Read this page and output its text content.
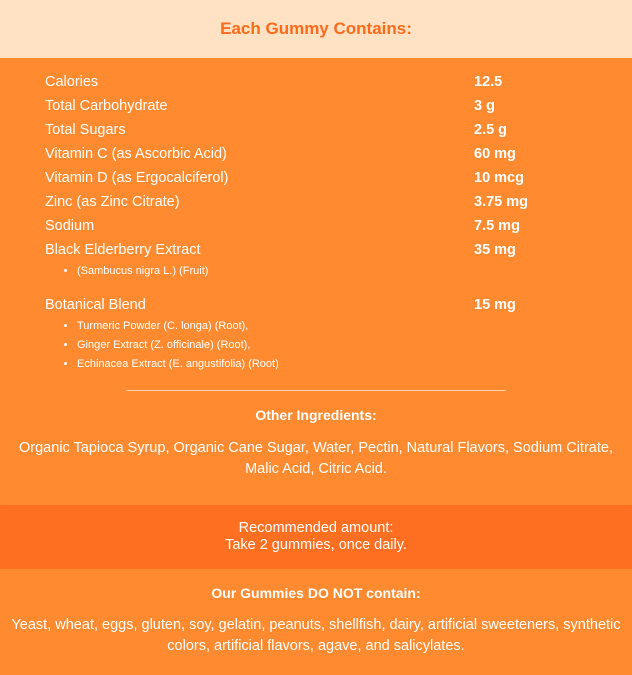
Each Gummy Contains:
Calories	12.5
Total Carbohydrate	3 g
Total Sugars	2.5 g
Vitamin C (as Ascorbic Acid)	60 mg
Vitamin D (as Ergocalciferol)	10 mcg
Zinc (as Zinc Citrate)	3.75 mg
Sodium	7.5 mg
Black Elderberry Extract	35 mg
• (Sambucus nigra L.) (Fruit)
Botanical Blend	15 mg
• Turmeric Powder (C. longa) (Root),
• Ginger Extract (Z. officinale) (Root),
• Echinacea Extract (E. angustifolia) (Root)
Other Ingredients:
Organic Tapioca Syrup, Organic Cane Sugar, Water, Pectin, Natural Flavors, Sodium Citrate, Malic Acid, Citric Acid.
Recommended amount:
Take 2 gummies, once daily.
Our Gummies DO NOT contain:
Yeast, wheat, eggs, gluten, soy, gelatin, peanuts, shellfish, dairy, artificial sweeteners, synthetic colors, artificial flavors, agave, and salicylates.
